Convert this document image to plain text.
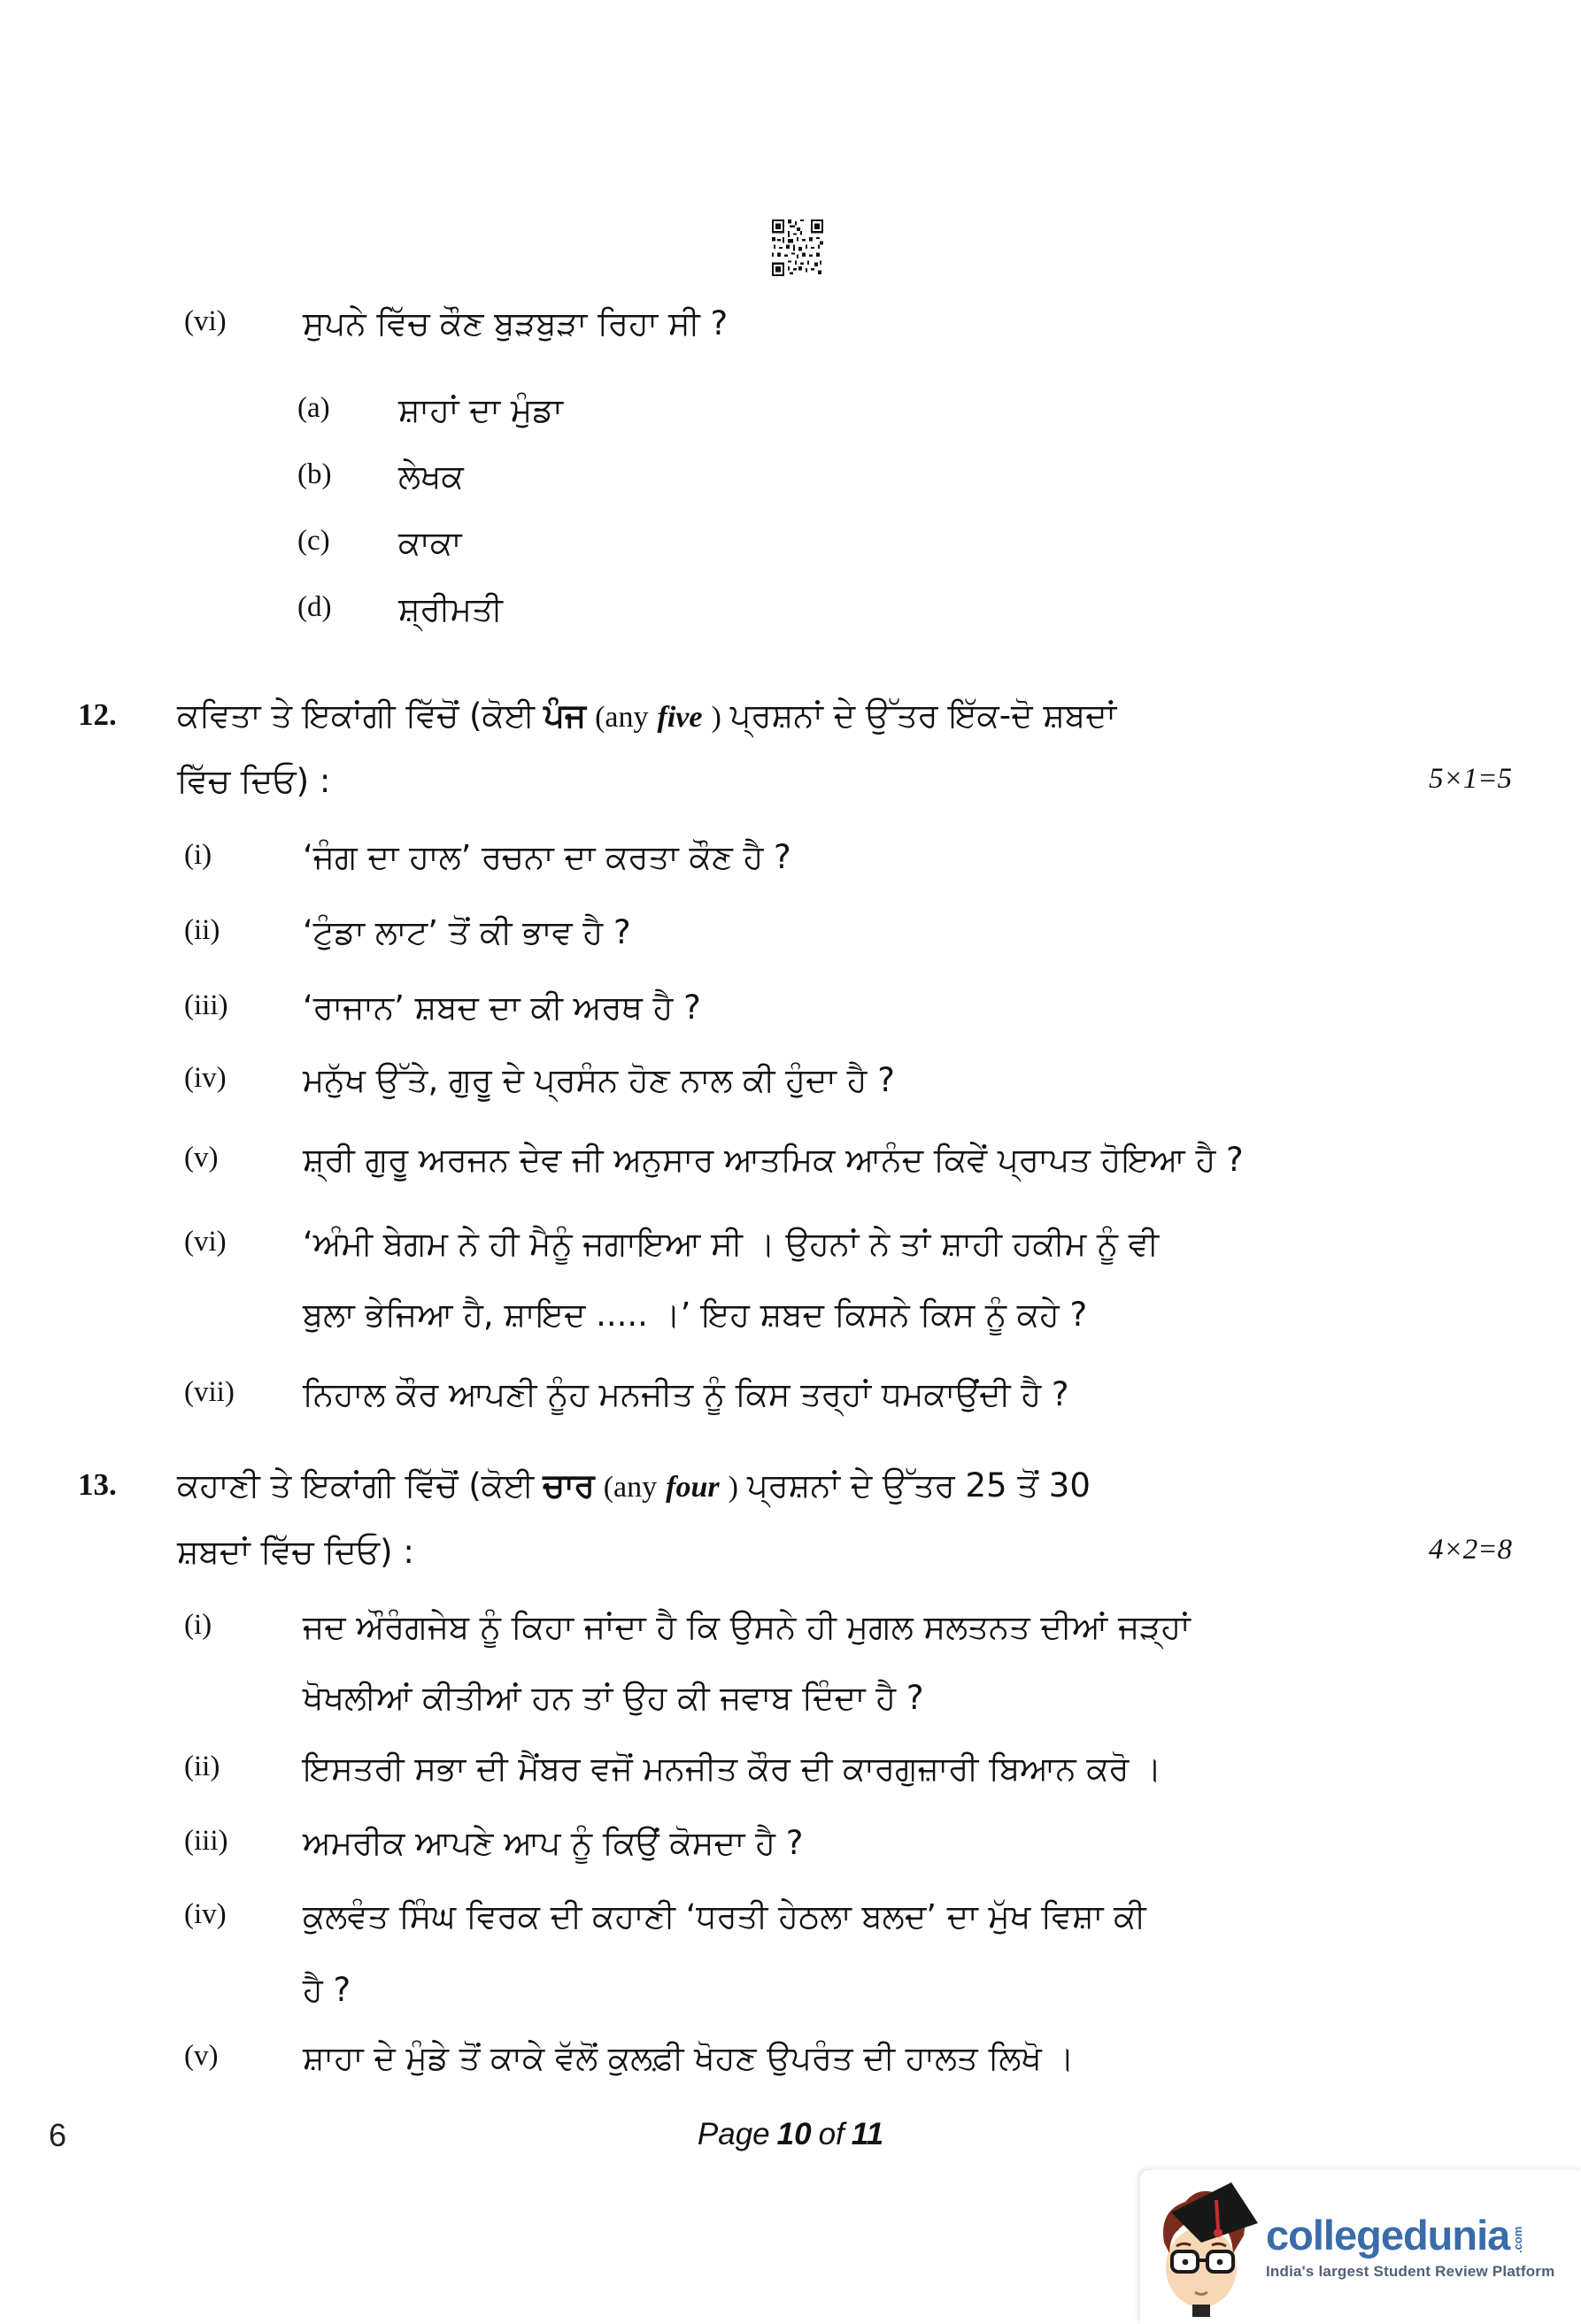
(vi) ਸੁਪਨੇ ਵਿੱਚ ਕੌਣ ਬੁੜਬੁੜਾ ਰਿਹਾ ਸੀ ?
(a) ਸ਼ਾਹਾਂ ਦਾ ਮੁੰਡਾ
(b) ਲੇਖਕ
(c) ਕਾਕਾ
(d) ਸ਼੍ਰੀਮਤੀ
12. ਕਵਿਤਾ ਤੇ ਇਕਾਂਗੀ ਵਿੱਚੋਂ (ਕੋਈ ਪੰਜ (any five ) ਪ੍ਰਸ਼ਨਾਂ ਦੇ ਉੱਤਰ ਇੱਕ-ਦੋ ਸ਼ਬਦਾਂ
ਵਿੱਚ ਦਿਓ) :	5×1=5
(i)	‘ਜੰਗ ਦਾ ਹਾਲ’ ਰਚਨਾ ਦਾ ਕਰਤਾ ਕੌਣ ਹੈ ?
(ii)	‘ਟੁੰਡਾ ਲਾਟ’ ਤੋਂ ਕੀ ਭਾਵ ਹੈ ?
(iii) ‘ਰਾਜਾਨ’ ਸ਼ਬਦ ਦਾ ਕੀ ਅਰਥ ਹੈ ?
(iv) ਮਨੁੱਖ ਉੱਤੇ, ਗੁਰੂ ਦੇ ਪ੍ਰਸੰਨ ਹੋਣ ਨਾਲ ਕੀ ਹੁੰਦਾ ਹੈ ?
(v)	ਸ਼੍ਰੀ ਗੁਰੂ ਅਰਜਨ ਦੇਵ ਜੀ ਅਨੁਸਾਰ ਆਤਮਿਕ ਆਨੰਦ ਕਿਵੇਂ ਪ੍ਰਾਪਤ ਹੋਇਆ ਹੈ ?
(vi) ‘ਅੰਮੀ ਬੇਗਮ ਨੇ ਹੀ ਮੈਨੂੰ ਜਗਾਇਆ ਸੀ । ਉਹਨਾਂ ਨੇ ਤਾਂ ਸ਼ਾਹੀ ਹਕੀਮ ਨੂੰ ਵੀ
ਬੁਲਾ ਭੇਜਿਆ ਹੈ, ਸ਼ਾਇਦ ..... ।’ ਇਹ ਸ਼ਬਦ ਕਿਸਨੇ ਕਿਸ ਨੂੰ ਕਹੇ ?
(vii) ਨਿਹਾਲ ਕੌਰ ਆਪਣੀ ਨੂੰਹ ਮਨਜੀਤ ਨੂੰ ਕਿਸ ਤਰ੍ਹਾਂ ਧਮਕਾਉਂਦੀ ਹੈ ?
13. ਕਹਾਣੀ ਤੇ ਇਕਾਂਗੀ ਵਿੱਚੋਂ (ਕੋਈ ਚਾਰ (any four ) ਪ੍ਰਸ਼ਨਾਂ ਦੇ ਉੱਤਰ 25 ਤੋਂ 30
ਸ਼ਬਦਾਂ ਵਿੱਚ ਦਿਓ) :	4×2=8
(i)	ਜਦ ਔਰੰਗਜੇਬ ਨੂੰ ਕਿਹਾ ਜਾਂਦਾ ਹੈ ਕਿ ਉਸਨੇ ਹੀ ਮੁਗਲ ਸਲਤਨਤ ਦੀਆਂ ਜੜ੍ਹਾਂ
ਖੋਖਲੀਆਂ ਕੀਤੀਆਂ ਹਨ ਤਾਂ ਉਹ ਕੀ ਜਵਾਬ ਦਿੰਦਾ ਹੈ ?
(ii)	ਇਸਤਰੀ ਸਭਾ ਦੀ ਮੈਂਬਰ ਵਜੋਂ ਮਨਜੀਤ ਕੌਰ ਦੀ ਕਾਰਗੁਜ਼ਾਰੀ ਬਿਆਨ ਕਰੋ ।
(iii) ਅਮਰੀਕ ਆਪਣੇ ਆਪ ਨੂੰ ਕਿਉਂ ਕੋਸਦਾ ਹੈ ?
(iv) ਕੁਲਵੰਤ ਸਿੰਘ ਵਿਰਕ ਦੀ ਕਹਾਣੀ ‘ਧਰਤੀ ਹੇਠਲਾ ਬਲਦ’ ਦਾ ਮੁੱਖ ਵਿਸ਼ਾ ਕੀ
ਹੈ ?
(v)	ਸ਼ਾਹਾ ਦੇ ਮੁੰਡੇ ਤੋਂ ਕਾਕੇ ਵੱਲੋਂ ਕੁਲਫ਼ੀ ਖੋਹਣ ਉਪਰੰਤ ਦੀ ਹਾਲਤ ਲਿਖੋ ।
6	Page 10 of 11
collegedunia .com
India's largest Student Review Platform
